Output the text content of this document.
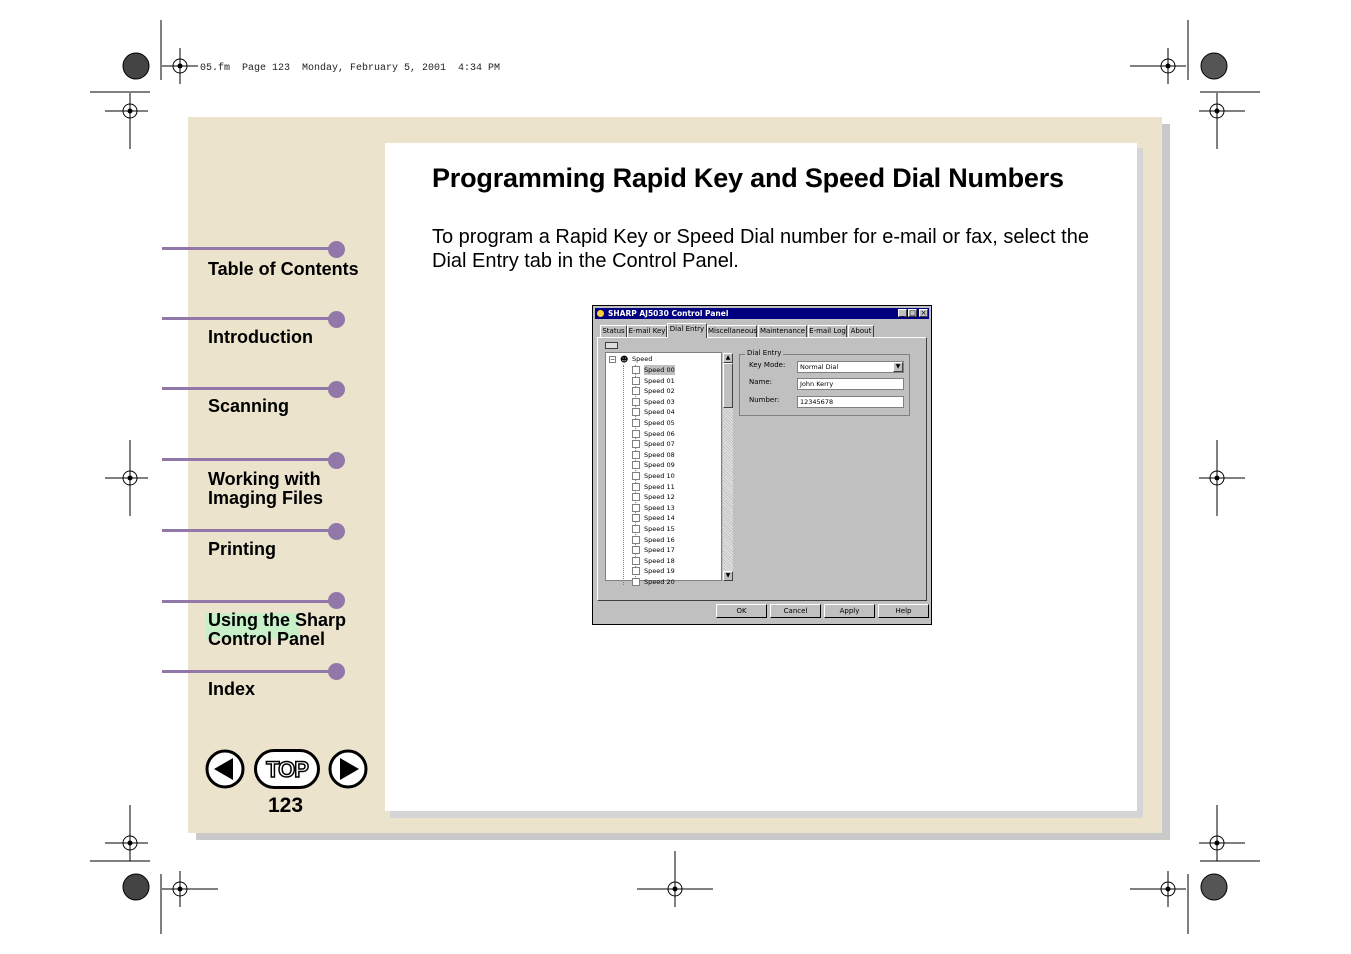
05.fm  Page 123  Monday, February 5, 2001  4:34 PM
Programming Rapid Key and Speed Dial Numbers
To program a Rapid Key or Speed Dial number for e-mail or fax, select the Dial Entry tab in the Control Panel.
Table of Contents
Introduction
Scanning
Working with Imaging Files
Printing
Using the Sharp Control Panel
Index
TOP
123
SHARP AJ5030 Control Panel	_ □ ×
Status E-mail Key Dial Entry Miscellaneous Maintenance E-mail Log About
− ☻ Speed
Speed 00
Speed 01
Speed 02
Speed 03
Speed 04
Speed 05
Speed 06
Speed 07
Speed 08
Speed 09
Speed 10
Speed 11
Speed 12
Speed 13
Speed 14
Speed 15
Speed 16
Speed 17
Speed 18
Speed 19
Speed 20
▲
▼
Dial Entry
Key Mode:	Normal Dial	▼
Name:	John Kerry
Number:	12345678
OK	Cancel	Apply	Help
